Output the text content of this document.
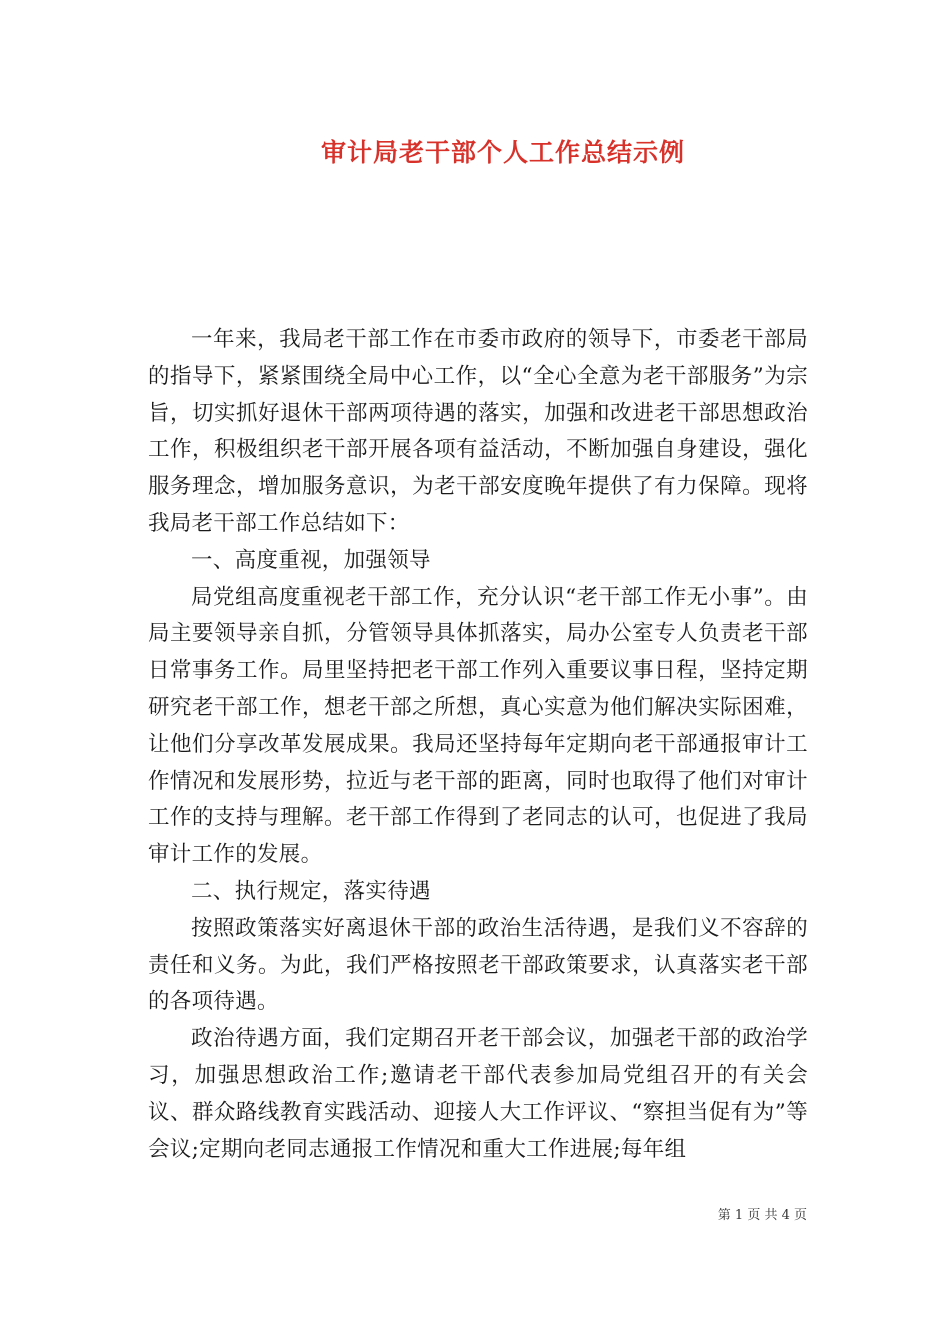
审计局老干部个人工作总结示例

一年来，我局老干部工作在市委市政府的领导下，市委老干部局的指导下，紧紧围绕全局中心工作，以“全心全意为老干部服务”为宗旨，切实抓好退休干部两项待遇的落实，加强和改进老干部思想政治工作，积极组织老干部开展各项有益活动，不断加强自身建设，强化服务理念，增加服务意识，为老干部安度晚年提供了有力保障。现将我局老干部工作总结如下：

一、高度重视，加强领导

局党组高度重视老干部工作，充分认识“老干部工作无小事”。由局主要领导亲自抓，分管领导具体抓落实，局办公室专人负责老干部日常事务工作。局里坚持把老干部工作列入重要议事日程，坚持定期研究老干部工作，想老干部之所想，真心实意为他们解决实际困难，让他们分享改革发展成果。我局还坚持每年定期向老干部通报审计工作情况和发展形势，拉近与老干部的距离，同时也取得了他们对审计工作的支持与理解。老干部工作得到了老同志的认可，也促进了我局审计工作的发展。

二、执行规定，落实待遇

按照政策落实好离退休干部的政治生活待遇，是我们义不容辞的责任和义务。为此，我们严格按照老干部政策要求，认真落实老干部的各项待遇。

政治待遇方面，我们定期召开老干部会议，加强老干部的政治学习，加强思想政治工作;邀请老干部代表参加局党组召开的有关会议、群众路线教育实践活动、迎接人大工作评议、“察担当促有为”等会议;定期向老同志通报工作情况和重大工作进展;每年组

第 1 页 共 4 页
